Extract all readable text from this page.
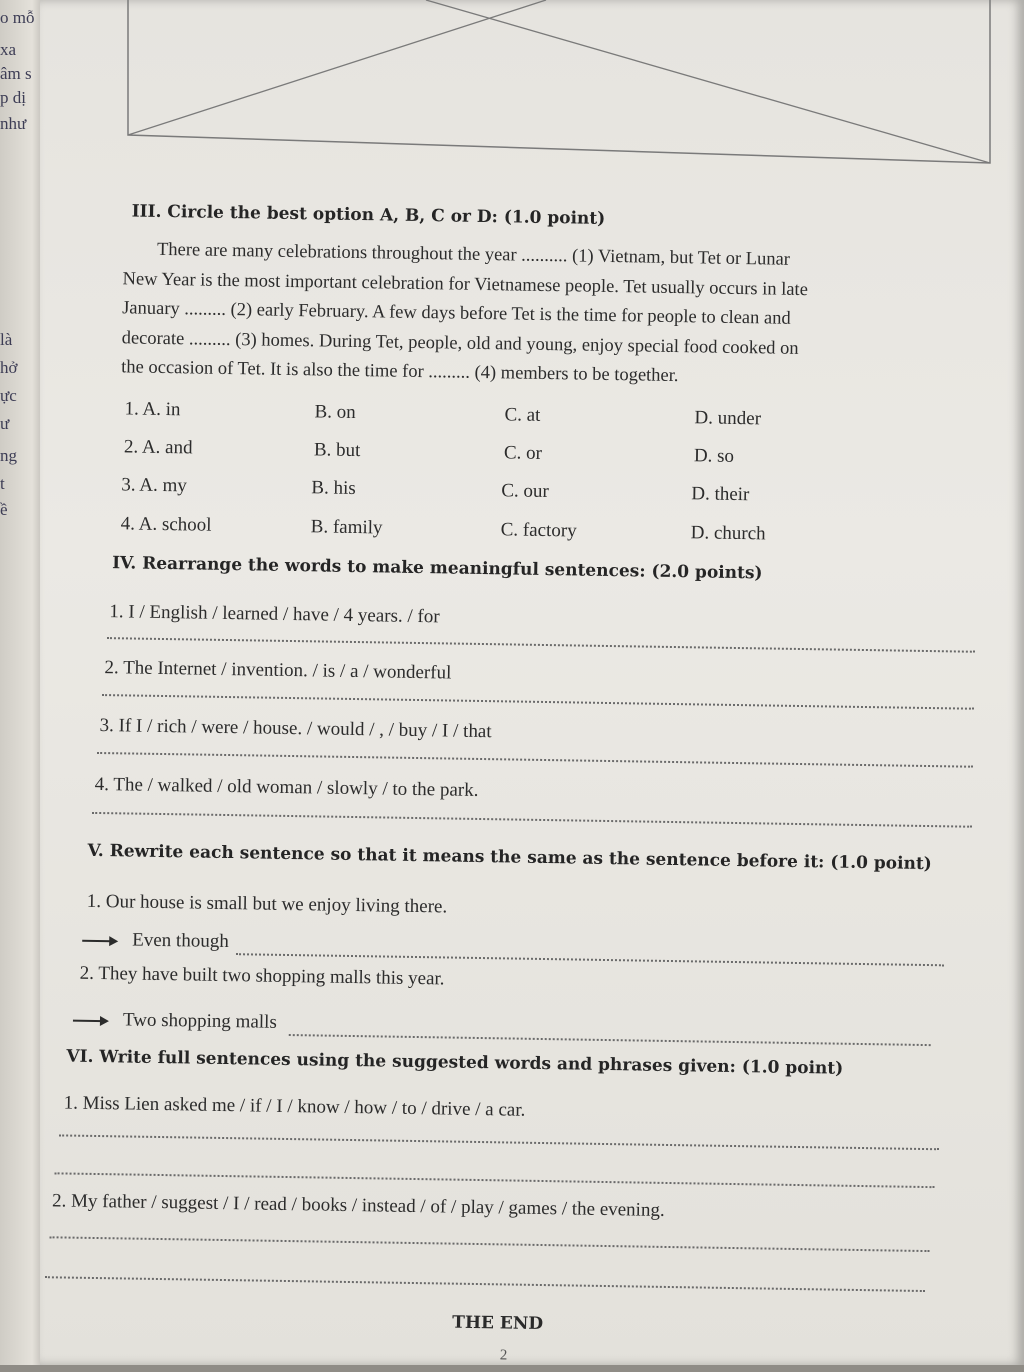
o mỗ
xa
âm s
p dị
như
là
hở
ực
ư
ng
t
ề
III. Circle the best option A, B, C or D: (1.0 point)

There are many celebrations throughout the year .......... (1) Vietnam, but Tet or Lunar

New Year is the most important celebration for Vietnamese people. Tet usually occurs in late
January ......... (2) early February. A few days before Tet is the time for people to clean and
decorate ......... (3) homes. During Tet, people, old and young, enjoy special food cooked on
the occasion of Tet. It is also the time for ......... (4) members to be together.
1. A. in	B. on	C. at	D. under
2. A. and	B. but	C. or	D. so
3. A. my	B. his	C. our	D. their
4. A. school	B. family	C. factory	D. church
IV. Rearrange the words to make meaningful sentences: (2.0 points)
1. I / English / learned / have / 4 years. / for
2. The Internet / invention. / is / a / wonderful
3. If I / rich / were / house. / would / , / buy / I / that
4. The / walked / old woman / slowly / to the park.
V. Rewrite each sentence so that it means the same as the sentence before it: (1.0 point)
1. Our house is small but we enjoy living there.
Even though
2. They have built two shopping malls this year.
Two shopping malls
VI. Write full sentences using the suggested words and phrases given: (1.0 point)
1. Miss Lien asked me / if / I / know / how / to / drive / a car.
2. My father / suggest / I / read / books / instead / of / play / games / the evening.
THE END
2
